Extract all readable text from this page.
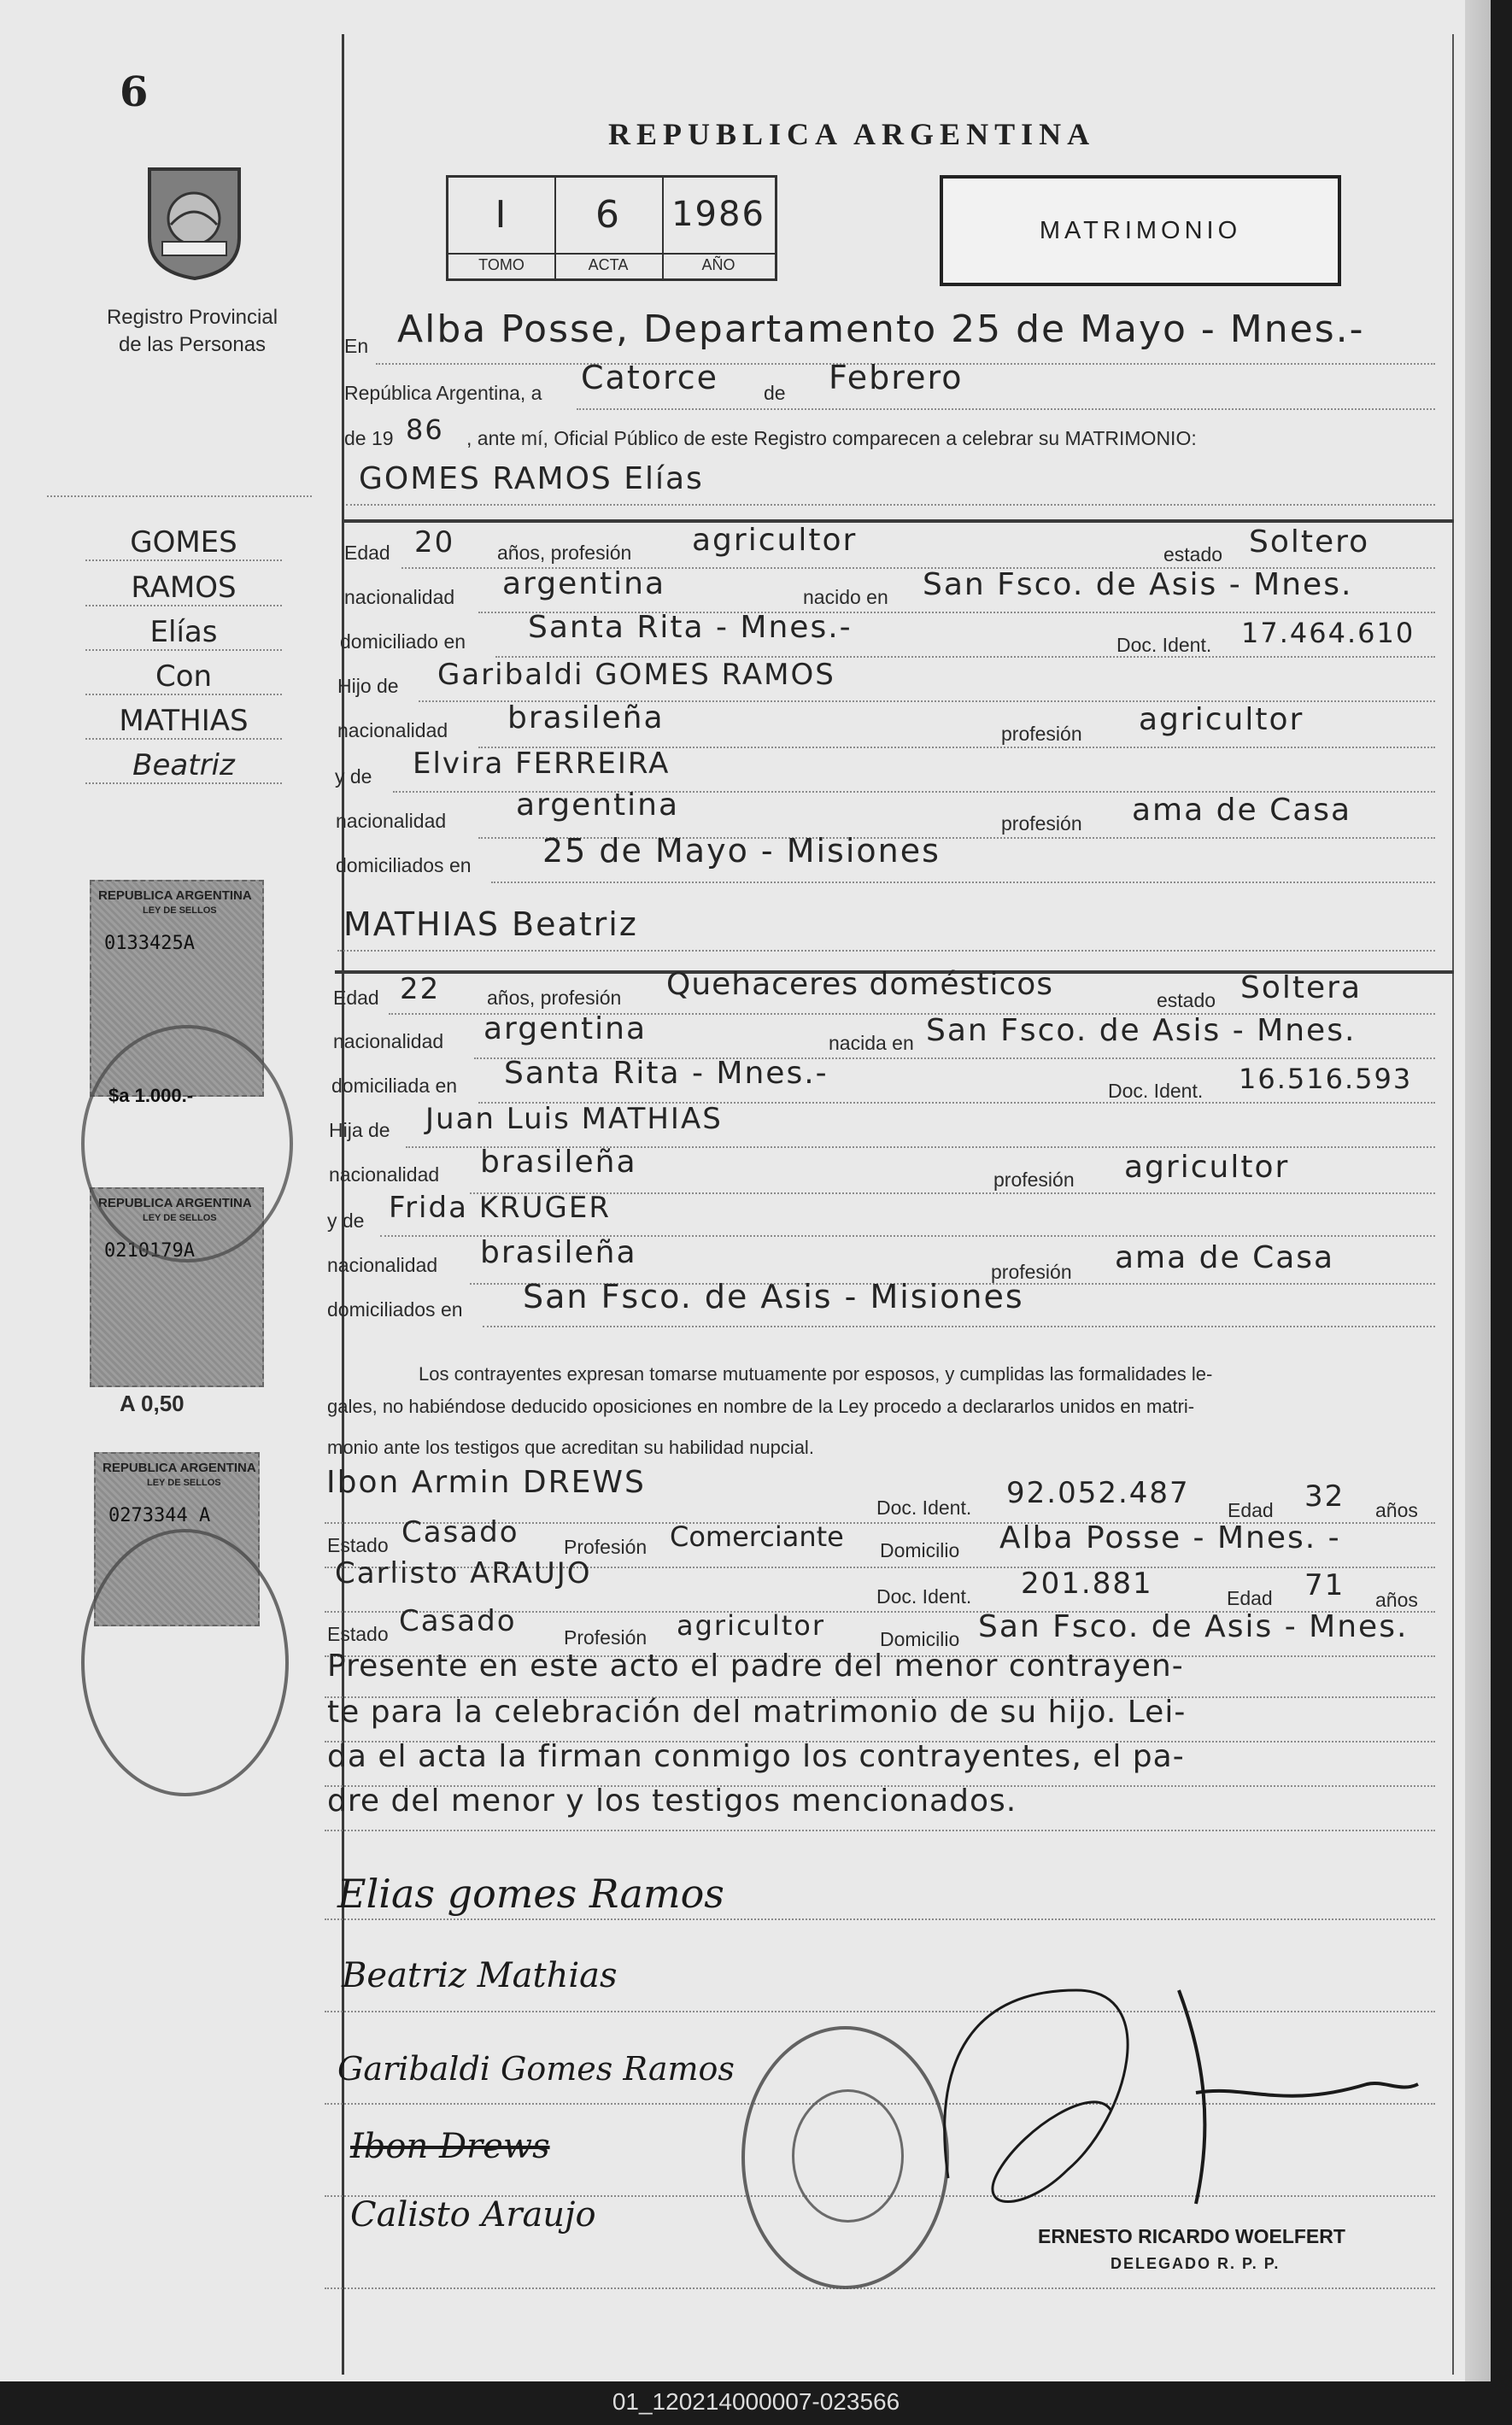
6
Registro Provincial
de las Personas
GOMES
RAMOS
Elías
Con
MATHIAS
Beatriz
REPUBLICA ARGENTINA
LEY DE SELLOS
0133425A
$a 1.000.-
REPUBLICA ARGENTINA
LEY DE SELLOS
0210179A
A 0,50
REPUBLICA ARGENTINA
LEY DE SELLOS
0273344 A
REPUBLICA ARGENTINA
I
TOMO
6
ACTA
1986
AÑO
MATRIMONIO
En Alba Posse, Departamento 25 de Mayo - Mnes.-
República Argentina, a Catorce de Febrero
de 19 86 , ante mí, Oficial Público de este Registro comparecen a celebrar su MATRIMONIO:
GOMES RAMOS Elías
Edad 20 años, profesión agricultor	estado Soltero
nacionalidad argentina	nacido en San Fsco. de Asis - Mnes.
domiciliado en Santa Rita - Mnes.-	Doc. Ident. 17.464.610
Hijo de Garibaldi GOMES RAMOS
nacionalidad brasileña	profesión agricultor
y de Elvira FERREIRA
nacionalidad argentina
profesión ama de Casa
domiciliados en 25 de Mayo - Misiones
MATHIAS Beatriz
Edad 22 años, profesión Quehaceres domésticos	estado Soltera
nacionalidad argentina	nacida en San Fsco. de Asis - Mnes.
domiciliada en Santa Rita - Mnes.-	Doc. Ident. 16.516.593
Hija de Juan Luis MATHIAS
nacionalidad brasileña	profesión agricultor
y de Frida KRUGER
nacionalidad brasileña
profesión ama de Casa
domiciliados en San Fsco. de Asis - Misiones
Los contrayentes expresan tomarse mutuamente por esposos, y cumplidas las formalidades le-
gales, no habiéndose deducido oposiciones en nombre de la Ley procedo a declararlos unidos en matri-
monio ante los testigos que acreditan su habilidad nupcial.
Ibon Armin DREWS
Doc. Ident. 92.052.487 Edad 32 años
Estado Casado Profesión Comerciante Domicilio Alba Posse - Mnes. -
Carlisto ARAUJO
Doc. Ident. 201.881	Edad 71 años
Estado Casado Profesión agricultor	Domicilio San Fsco. de Asis - Mnes.
Presente en este acto el padre del menor contrayen-
te para la celebración del matrimonio de su hijo. Lei-
da el acta la firman conmigo los contrayentes, el pa-
dre del menor y los testigos mencionados.
Elias gomes Ramos
Beatriz Mathias
Garibaldi Gomes Ramos
Ibon Drews
Calisto Araujo
ERNESTO RICARDO WOELFERT
DELEGADO R. P. P.
01_120214000007-023566
